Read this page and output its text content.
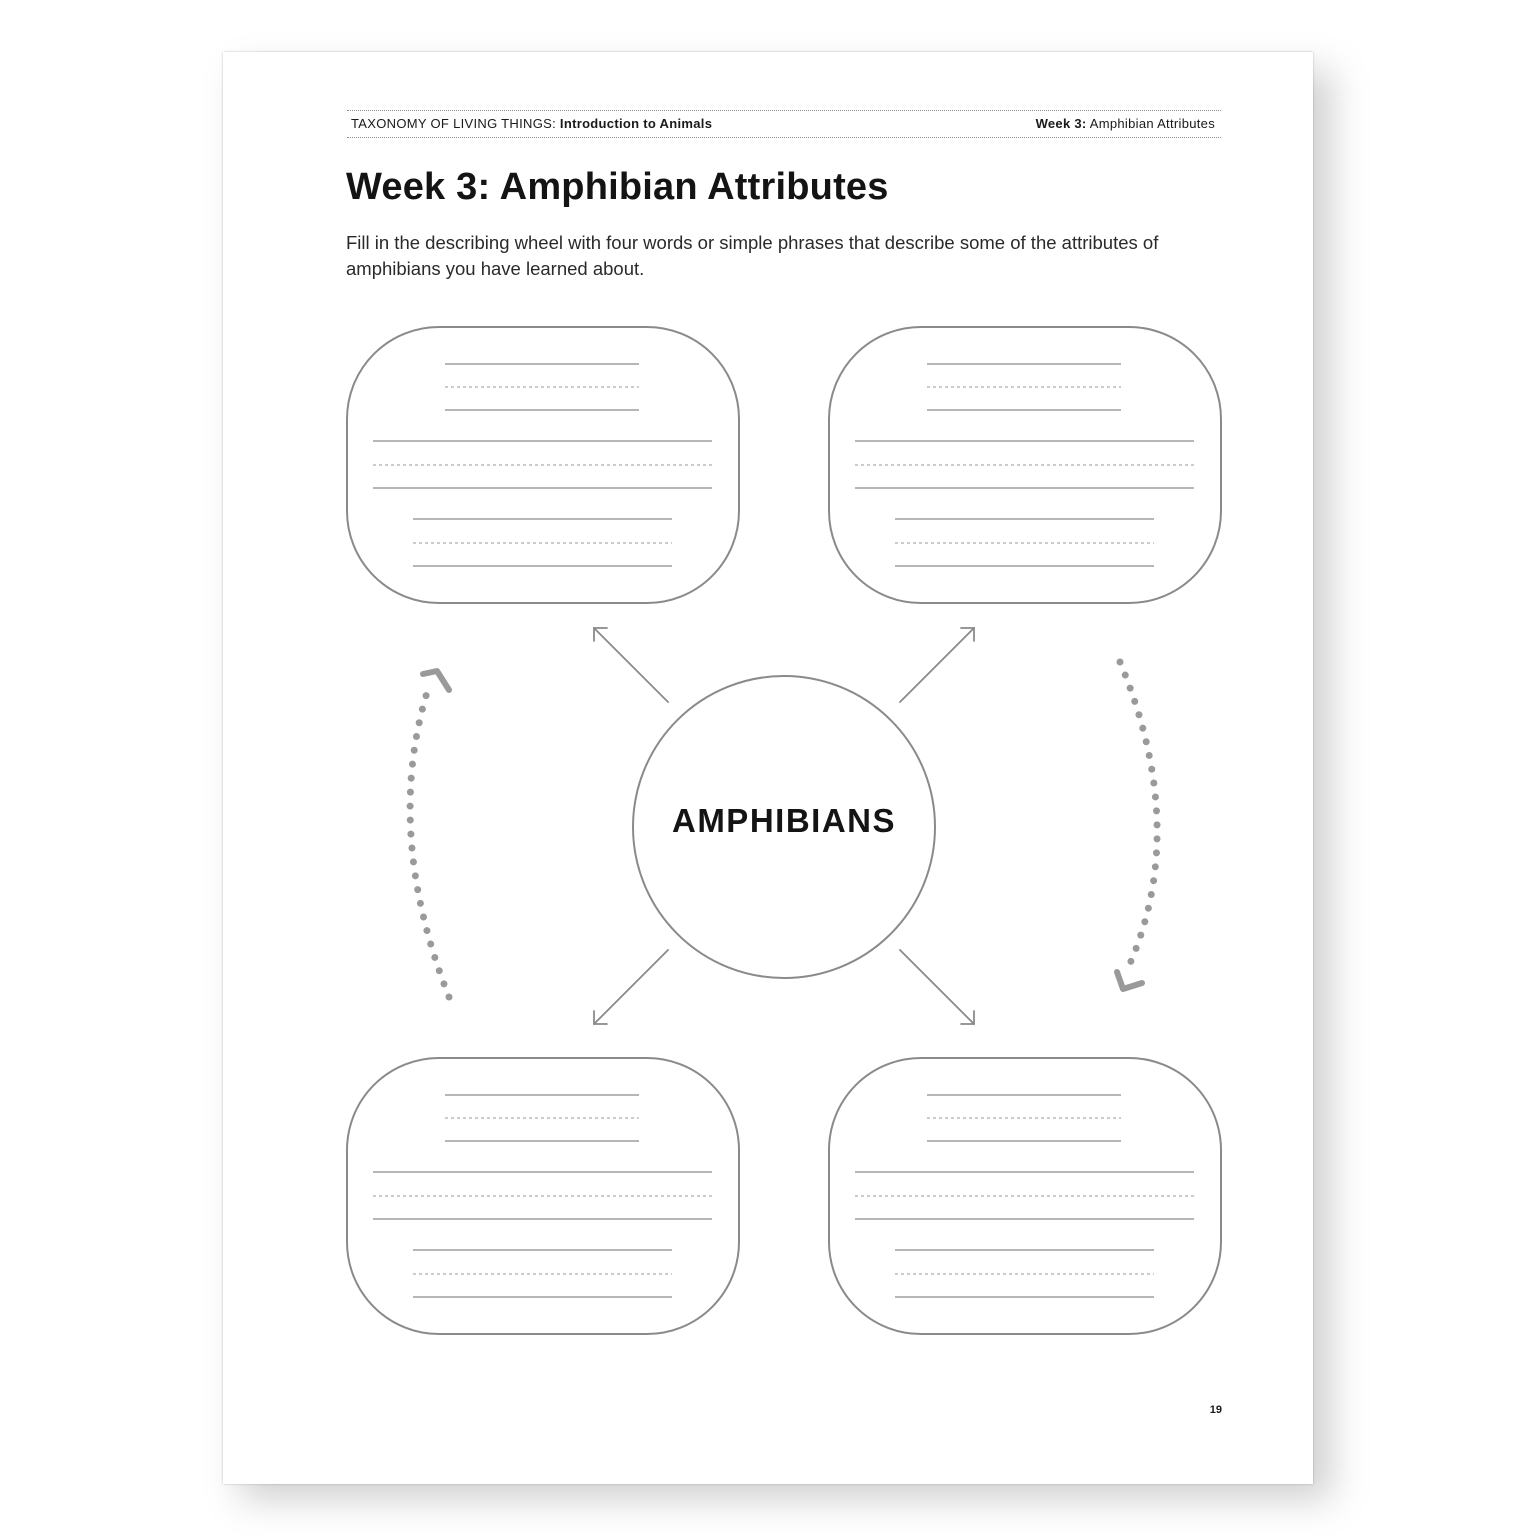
TAXONOMY OF LIVING THINGS: Introduction to Animals	Week 3: Amphibian Attributes
Week 3: Amphibian Attributes

Fill in the describing wheel with four words or simple phrases that describe some of the attributes of amphibians you have learned about.

AMPHIBIANS
19
